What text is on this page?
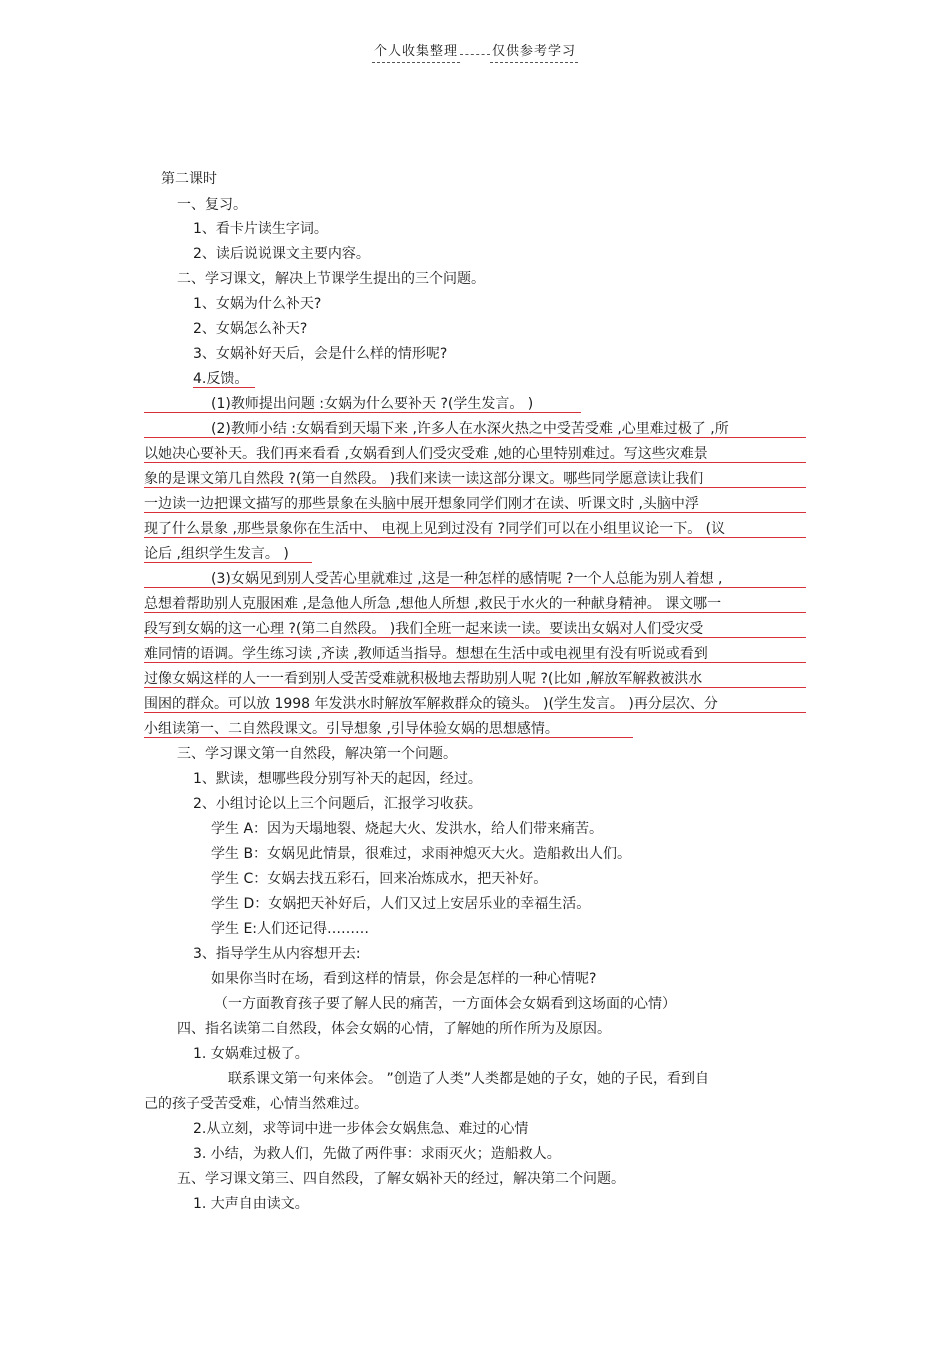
个人收集整理	仅供参考学习
第二课时
一、复习。
1、看卡片读生字词。
2、读后说说课文主要内容。
二、学习课文，解决上节课学生提出的三个问题。
1、女娲为什么补天?
2、女娲怎么补天?
3、女娲补好天后，会是什么样的情形呢?
4.反馈。
(1)教师提出问题 :女娲为什么要补天 ?(学生发言。 )
(2)教师小结 :女娲看到天塌下来 ,许多人在水深火热之中受苦受难 ,心里难过极了 ,所
以她决心要补天。我们再来看看 ,女娲看到人们受灾受难 ,她的心里特别难过。写这些灾难景
象的是课文第几自然段 ?(第一自然段。 )我们来读一读这部分课文。哪些同学愿意读让我们
一边读一边把课文描写的那些景象在头脑中展开想象同学们刚才在读、听课文时 ,头脑中浮
现了什么景象 ,那些景象你在生活中、 电视上见到过没有 ?同学们可以在小组里议论一下。 (议
论后 ,组织学生发言。 )
(3)女娲见到别人受苦心里就难过 ,这是一种怎样的感情呢 ?一个人总能为别人着想 ,
总想着帮助别人克服困难 ,是急他人所急 ,想他人所想 ,救民于水火的一种献身精神。 课文哪一
段写到女娲的这一心理 ?(第二自然段。 )我们全班一起来读一读。要读出女娲对人们受灾受
难同情的语调。学生练习读 ,齐读 ,教师适当指导。想想在生活中或电视里有没有听说或看到
过像女娲这样的人一一看到别人受苦受难就积极地去帮助别人呢 ?(比如 ,解放军解救被洪水
围困的群众。可以放 1998 年发洪水时解放军解救群众的镜头。 )(学生发言。 )再分层次、分
小组读第一、二自然段课文。引导想象 ,引导体验女娲的思想感情。
三、学习课文第一自然段，解决第一个问题。
1、默读，想哪些段分别写补天的起因，经过。
2、小组讨论以上三个问题后，汇报学习收获。
学生 A：因为天塌地裂、烧起大火、发洪水，给人们带来痛苦。
学生 B：女娲见此情景，很难过，求雨神熄灭大火。造船救出人们。
学生 C：女娲去找五彩石，回来冶炼成水，把天补好。
学生 D：女娲把天补好后，人们又过上安居乐业的幸福生活。
学生 E:人们还记得………
3、指导学生从内容想开去:
如果你当时在场，看到这样的情景，你会是怎样的一种心情呢?
（一方面教育孩子要了解人民的痛苦，一方面体会女娲看到这场面的心情）
四、指名读第二自然段，体会女娲的心情，了解她的所作所为及原因。
1. 女娲难过极了。
联系课文第一句来体会。 ”创造了人类”人类都是她的子女，她的子民，看到自
己的孩子受苦受难，心情当然难过。
2.从立刻，求等词中进一步体会女娲焦急、难过的心情
3. 小结，为救人们，先做了两件事：求雨灭火；造船救人。
五、学习课文第三、四自然段，了解女娲补天的经过，解决第二个问题。
1. 大声自由读文。
